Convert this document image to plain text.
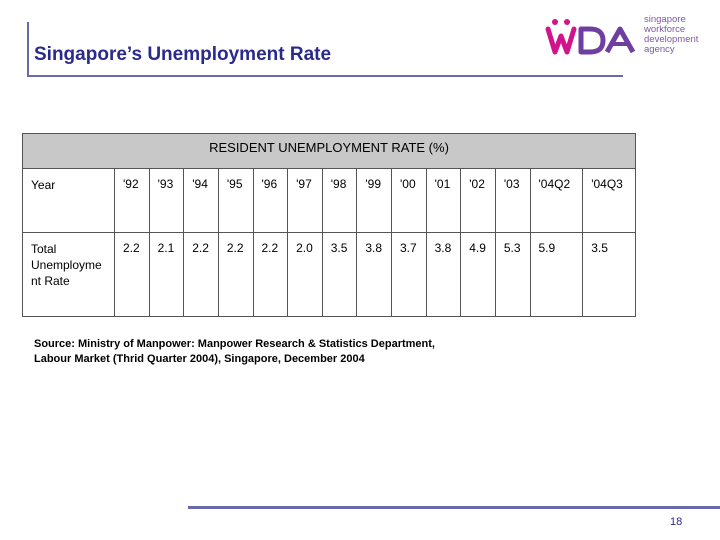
Singapore’s Unemployment Rate
singapore
workforce
development
agency
RESIDENT UNEMPLOYMENT RATE (%)
Year	'92	'93	'94	'95	'96	'97	'98	'99	'00	'01	'02	'03	'04Q2	'04Q3
Total Unemployme nt Rate	2.2	2.1	2.2	2.2	2.2	2.0	3.5	3.8	3.7	3.8	4.9	5.3	5.9	3.5
Source: Ministry of Manpower: Manpower Research & Statistics Department,
Labour Market (Thrid Quarter 2004), Singapore, December 2004
18
